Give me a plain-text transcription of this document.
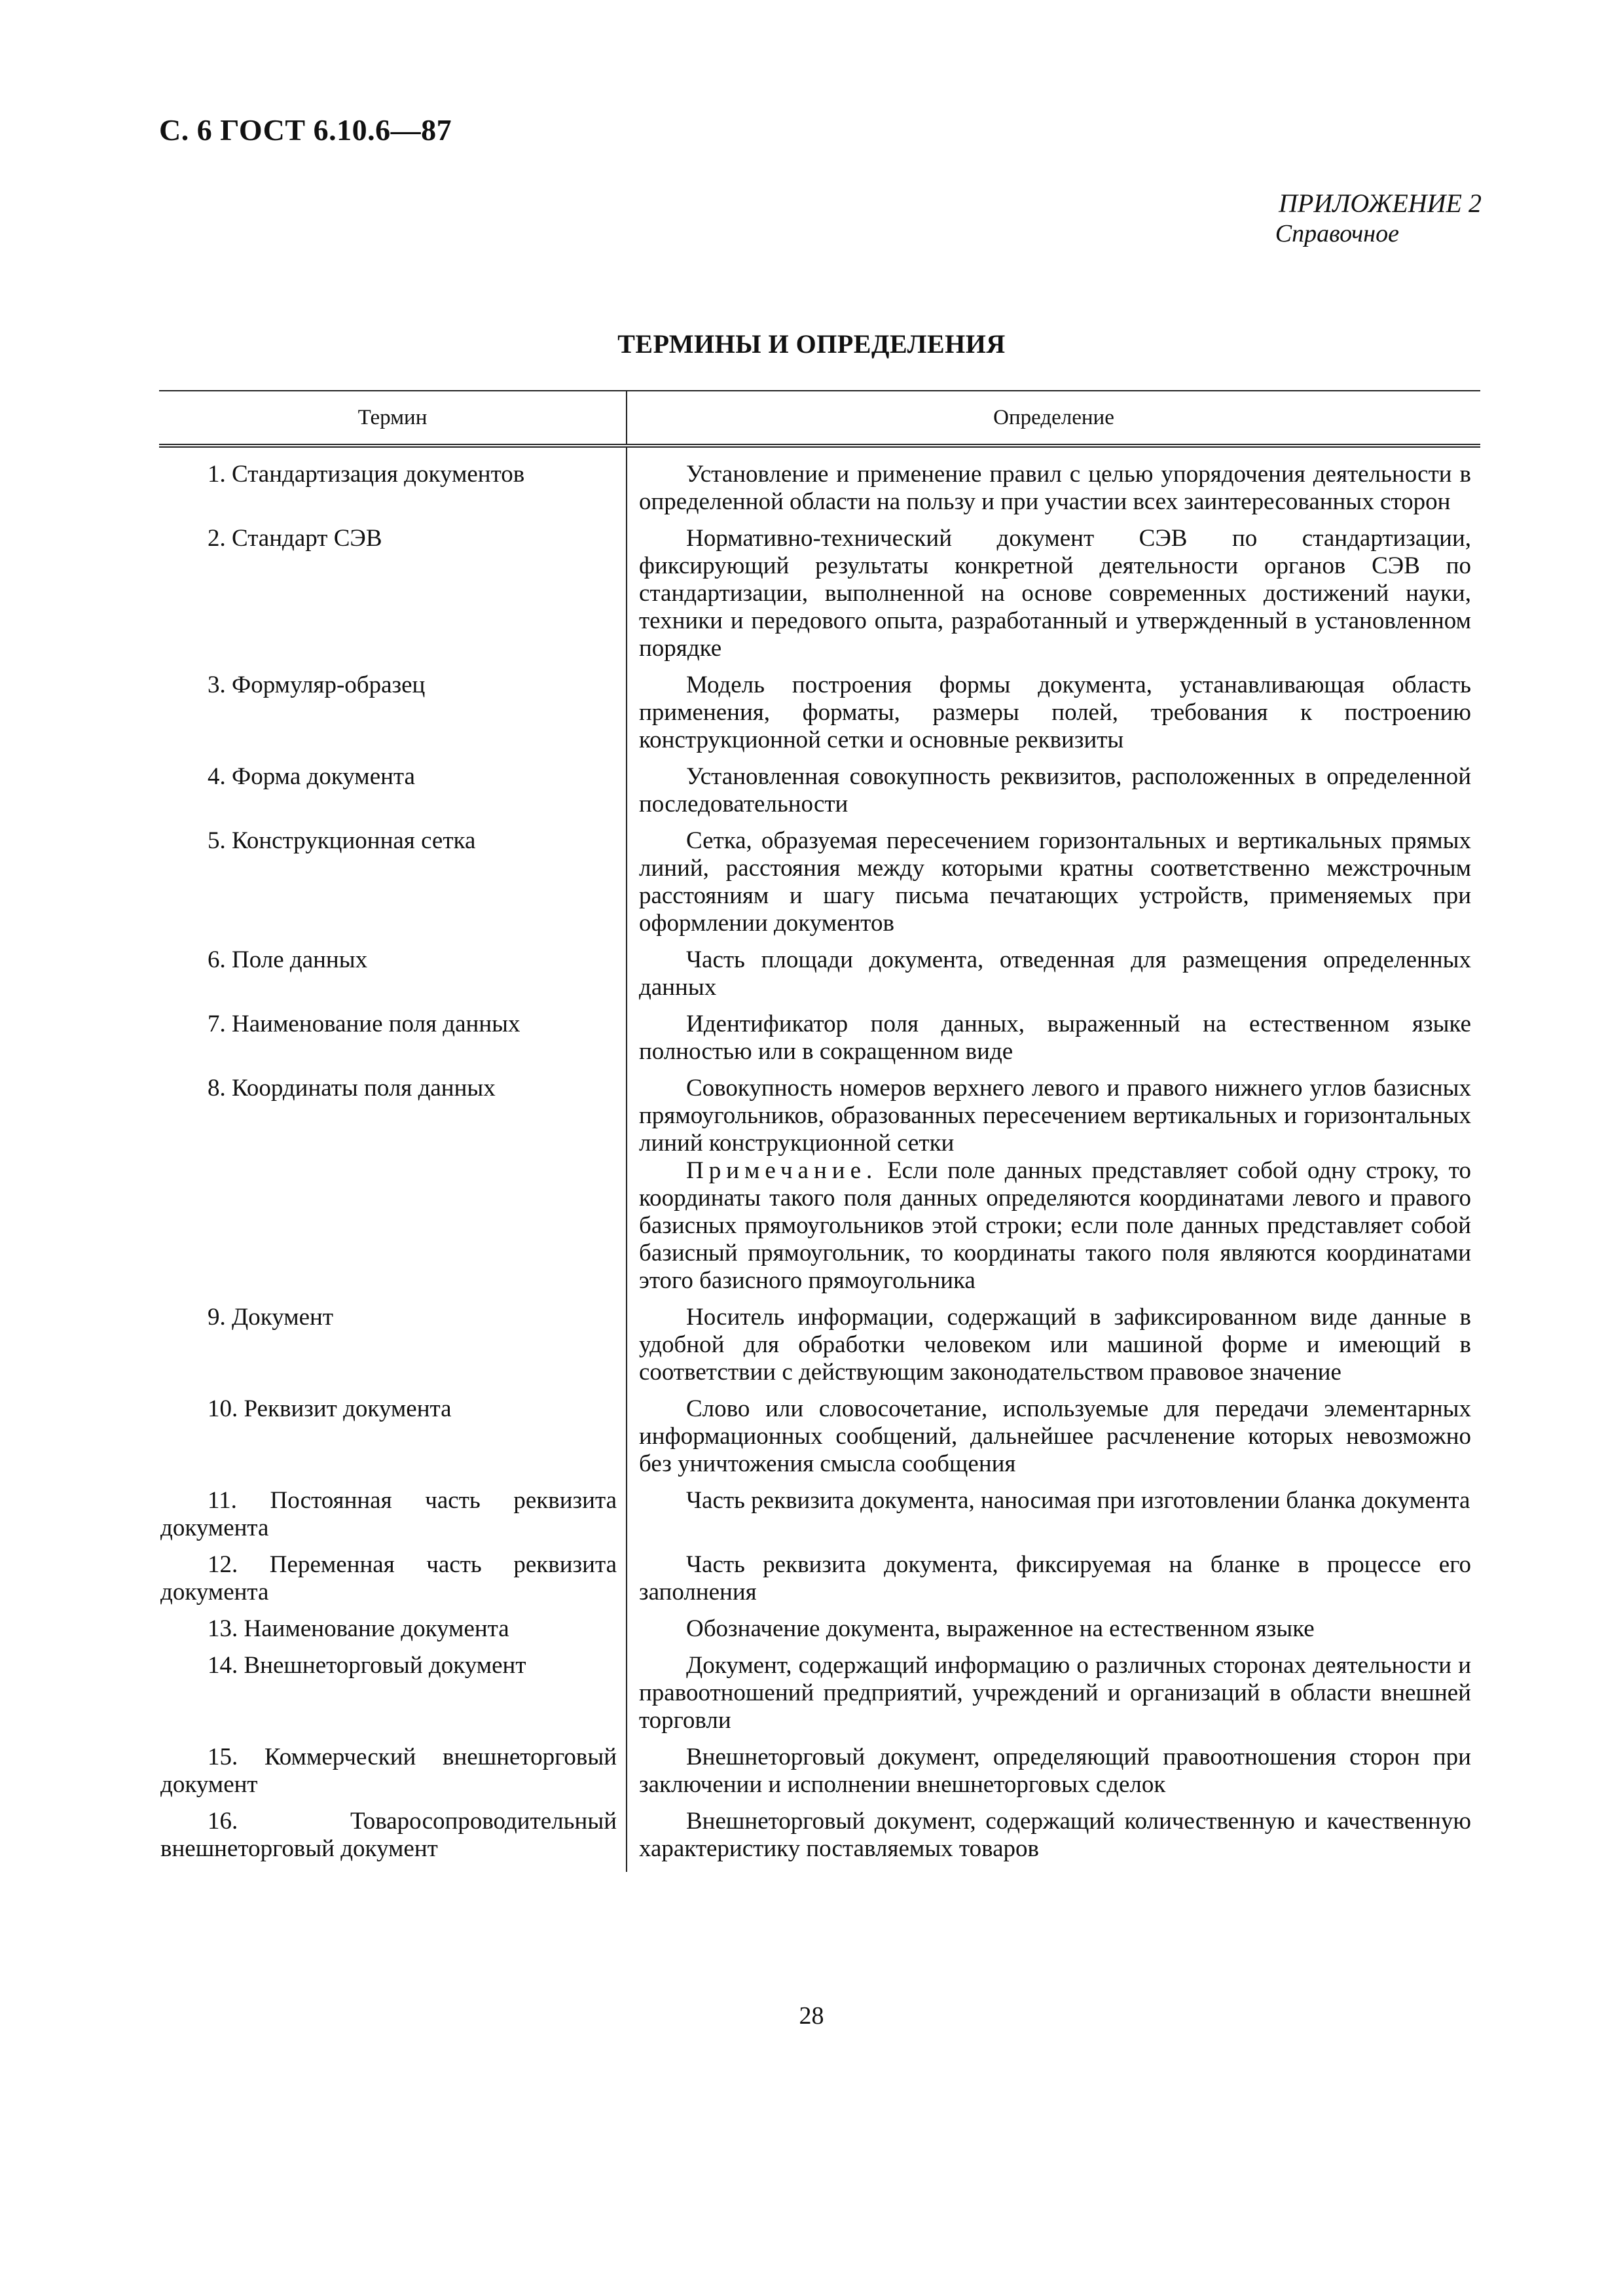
С. 6 ГОСТ 6.10.6—87
ПРИЛОЖЕНИЕ 2
Справочное
ТЕРМИНЫ И ОПРЕДЕЛЕНИЯ
Термин	Определение
1. Стандартизация документов	Установление и применение правил с целью упорядочения деятельности в определенной области на пользу и при участии всех заинтересованных сторон
2. Стандарт СЭВ	Нормативно-технический документ СЭВ по стандартизации, фиксирующий результаты конкретной деятельности органов СЭВ по стандартизации, выполненной на основе современных достижений науки, техники и передового опыта, разработанный и утвержденный в установленном порядке
3. Формуляр-образец	Модель построения формы документа, устанавливающая область применения, форматы, размеры полей, требования к построению конструкционной сетки и основные реквизиты
4. Форма документа	Установленная совокупность реквизитов, расположенных в определенной последовательности
5. Конструкционная сетка	Сетка, образуемая пересечением горизонтальных и вертикальных прямых линий, расстояния между которыми кратны соответственно межстрочным расстояниям и шагу письма печатающих устройств, применяемых при оформлении документов
6. Поле данных	Часть площади документа, отведенная для размещения определенных данных
7. Наименование поля данных	Идентификатор поля данных, выраженный на естественном языке полностью или в сокращенном виде
8. Координаты поля данных	Совокупность номеров верхнего левого и правого нижнего углов базисных прямоугольников, образованных пересечением вертикальных и горизонтальных линий конструкционной сетки

Примечание. Если поле данных представляет собой одну строку, то координаты такого поля данных определяются координатами левого и правого базисных прямоугольников этой строки; если поле данных представляет собой базисный прямоугольник, то координаты такого поля являются координатами этого базисного прямоугольника

9. Документ	Носитель информации, содержащий в зафиксированном виде данные в удобной для обработки человеком или машиной форме и имеющий в соответствии с действующим законодательством правовое значение
10. Реквизит документа	Слово или словосочетание, используемые для передачи элементарных информационных сообщений, дальнейшее расчленение которых невозможно без уничтожения смысла сообщения
11. Постоянная часть реквизита документа	Часть реквизита документа, наносимая при изготовлении бланка документа
12. Переменная часть реквизита документа	Часть реквизита документа, фиксируемая на бланке в процессе его заполнения
13. Наименование документа	Обозначение документа, выраженное на естественном языке
14. Внешнеторговый документ	Документ, содержащий информацию о различных сторонах деятельности и правоотношений предприятий, учреждений и организаций в области внешней торговли
15. Коммерческий внешнеторговый документ	Внешнеторговый документ, определяющий правоотношения сторон при заключении и исполнении внешнеторговых сделок
16. Товаросопроводительный внешнеторговый документ	Внешнеторговый документ, содержащий количественную и качественную характеристику поставляемых товаров
28
